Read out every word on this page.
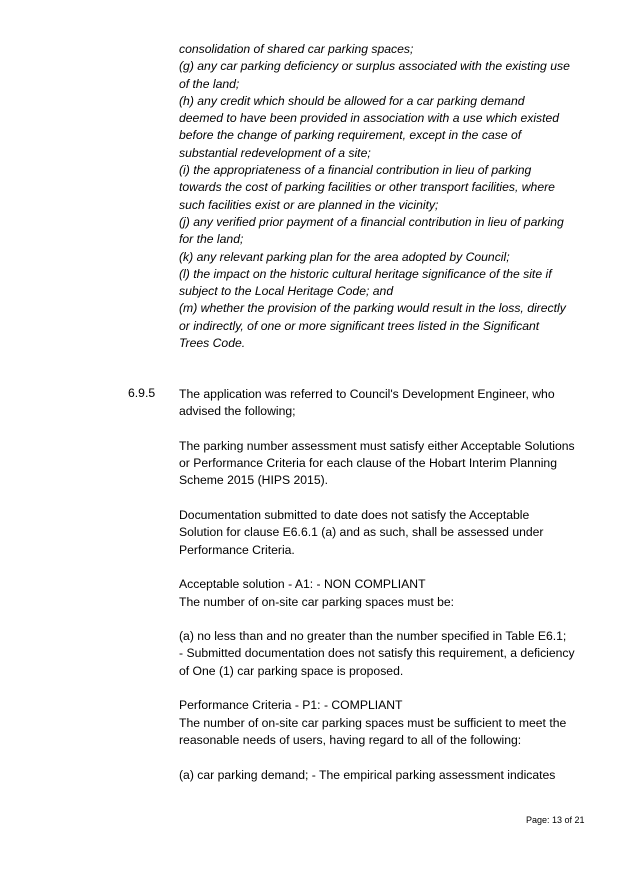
consolidation of shared car parking spaces;
(g) any car parking deficiency or surplus associated with the existing use
of the land;
(h) any credit which should be allowed for a car parking demand
deemed to have been provided in association with a use which existed
before the change of parking requirement, except in the case of
substantial redevelopment of a site;
(i) the appropriateness of a financial contribution in lieu of parking
towards the cost of parking facilities or other transport facilities, where
such facilities exist or are planned in the vicinity;
(j) any verified prior payment of a financial contribution in lieu of parking
for the land;
(k) any relevant parking plan for the area adopted by Council;
(l) the impact on the historic cultural heritage significance of the site if
subject to the Local Heritage Code; and
(m) whether the provision of the parking would result in the loss, directly
or indirectly, of one or more significant trees listed in the Significant
Trees Code.
6.9.5 The application was referred to Council's Development Engineer, who
advised the following;
The parking number assessment must satisfy either Acceptable Solutions
or Performance Criteria for each clause of the Hobart Interim Planning
Scheme 2015 (HIPS 2015).
Documentation submitted to date does not satisfy the Acceptable
Solution for clause E6.6.1 (a) and as such, shall be assessed under
Performance Criteria.
Acceptable solution - A1: - NON COMPLIANT
The number of on-site car parking spaces must be:
(a) no less than and no greater than the number specified in Table E6.1;
- Submitted documentation does not satisfy this requirement, a deficiency
of One (1) car parking space is proposed.
Performance Criteria - P1: - COMPLIANT
The number of on-site car parking spaces must be sufficient to meet the
reasonable needs of users, having regard to all of the following:
(a) car parking demand; - The empirical parking assessment indicates
Page: 13 of 21
